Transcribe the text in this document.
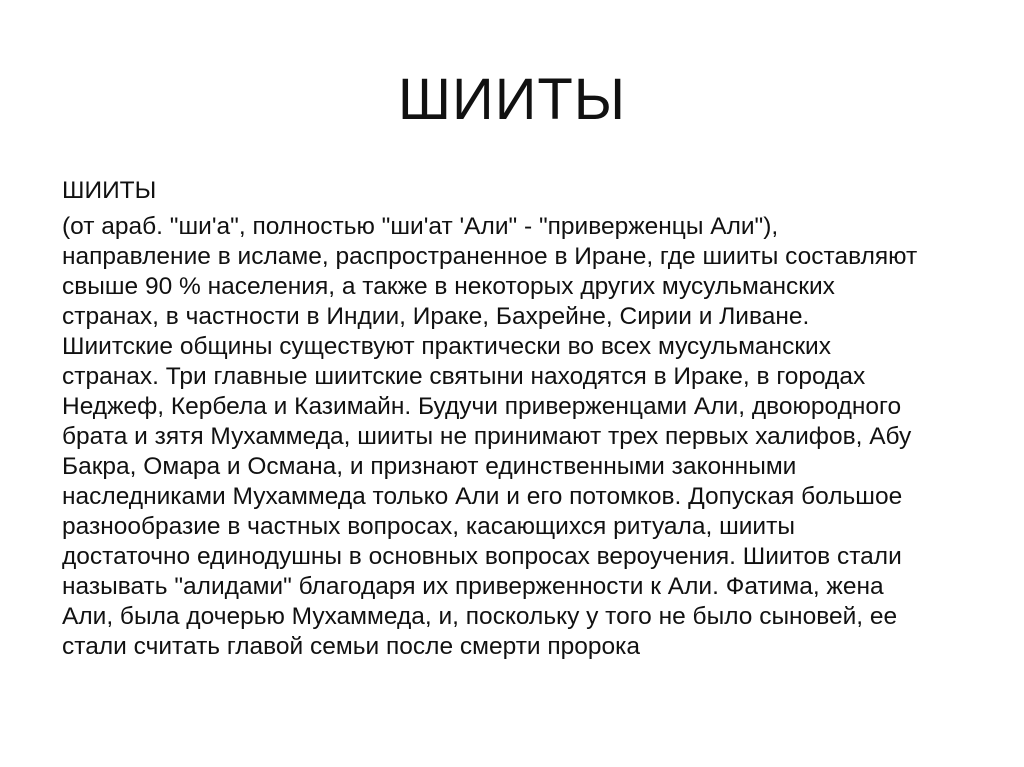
ШИИТЫ

ШИИТЫ

(от араб. "ши'а", полностью "ши'ат 'Али" - "приверженцы Али"),
направление в исламе, распространенное в Иране, где шииты составляют
свыше 90 % населения, а также в некоторых других мусульманских
странах, в частности в Индии, Ираке, Бахрейне, Сирии и Ливане.
Шиитские общины существуют практически во всех мусульманских
странах. Три главные шиитские святыни находятся в Ираке, в городах
Неджеф, Кербела и Казимайн. Будучи приверженцами Али, двоюродного
брата и зятя Мухаммеда, шииты не принимают трех первых халифов, Абу
Бакра, Омара и Османа, и признают единственными законными
наследниками Мухаммеда только Али и его потомков. Допуская большое
разнообразие в частных вопросах, касающихся ритуала, шииты
достаточно единодушны в основных вопросах вероучения. Шиитов стали
называть "алидами" благодаря их приверженности к Али. Фатима, жена
Али, была дочерью Мухаммеда, и, поскольку у того не было сыновей, ее
стали считать главой семьи после смерти пророка
